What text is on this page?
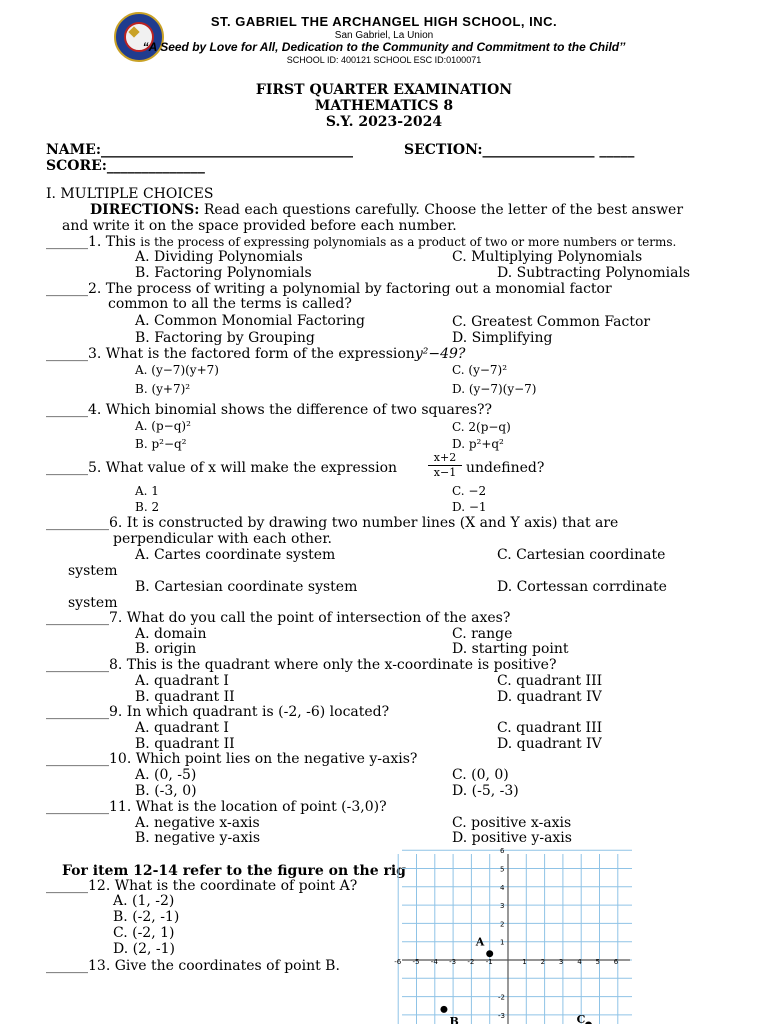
ST. GABRIEL THE ARCHANGEL HIGH SCHOOL, INC.
San Gabriel, La Union
“A Seed by Love for All, Dedication to the Community and Commitment to the Child’’
SCHOOL ID: 400121 SCHOOL ESC ID:0100071
FIRST QUARTER EXAMINATION
MATHEMATICS 8
S.Y. 2023-2024
NAME:____________________________________	SECTION:________________ _____
SCORE:______________
I. MULTIPLE CHOICES
DIRECTIONS: Read each questions carefully. Choose the letter of the best answer
and write it on the space provided before each number.
______1. This is the process of expressing polynomials as a product of two or more numbers or terms.
A. Dividing Polynomials	C. Multiplying Polynomials
B. Factoring Polynomials	D. Subtracting Polynomials
______2. The process of writing a polynomial by factoring out a monomial factor
common to all the terms is called?
A. Common Monomial Factoring	C. Greatest Common Factor
B. Factoring by Grouping	D. Simplifying
______3. What is the factored form of the expressiony²−49?
A. (y−7)(y+7)	C. (y−7)²
B. (y+7)²	D. (y−7)(y−7)
______4. Which binomial shows the difference of two squares??
A. (p−q)²	C. 2(p−q)
B. p²−q²	D. p²+q²
______5. What value of x will make the expression	$\frac{x+2}{x-1}$ undefined?
A. 1	C. −2
B. 2	D. −1
_________6. It is constructed by drawing two number lines (X and Y axis) that are
perpendicular with each other.
A. Cartes coordinate system	C. Cartesian coordinate
system
B. Cartesian coordinate system	D. Cortessan corrdinate
system
_________7. What do you call the point of intersection of the axes?
A. domain	C. range
B. origin	D. starting point
_________8. This is the quadrant where only the x-coordinate is positive?
A. quadrant I	C. quadrant III
B. quadrant II	D. quadrant IV
_________9. In which quadrant is (-2, -6) located?
A. quadrant I	C. quadrant III
B. quadrant II	D. quadrant IV
_________10. Which point lies on the negative y-axis?
A. (0, -5)	C. (0, 0)
B. (-3, 0)	D. (-5, -3)
_________11. What is the location of point (-3,0)?
A. negative x-axis	C. positive x-axis
B. negative y-axis	D. positive y-axis
For item 12-14 refer to the figure on the rig
______12. What is the coordinate of point A?
A. (1, -2)
B. (-2, -1)
C. (-2, 1)
D. (2, -1)
______13. Give the coordinates of point B.	-6 -5 -4 -3 -2 -1	1 2 3 4 5 6
6
5
4
3
2
1
-2
-3
A
B	C
